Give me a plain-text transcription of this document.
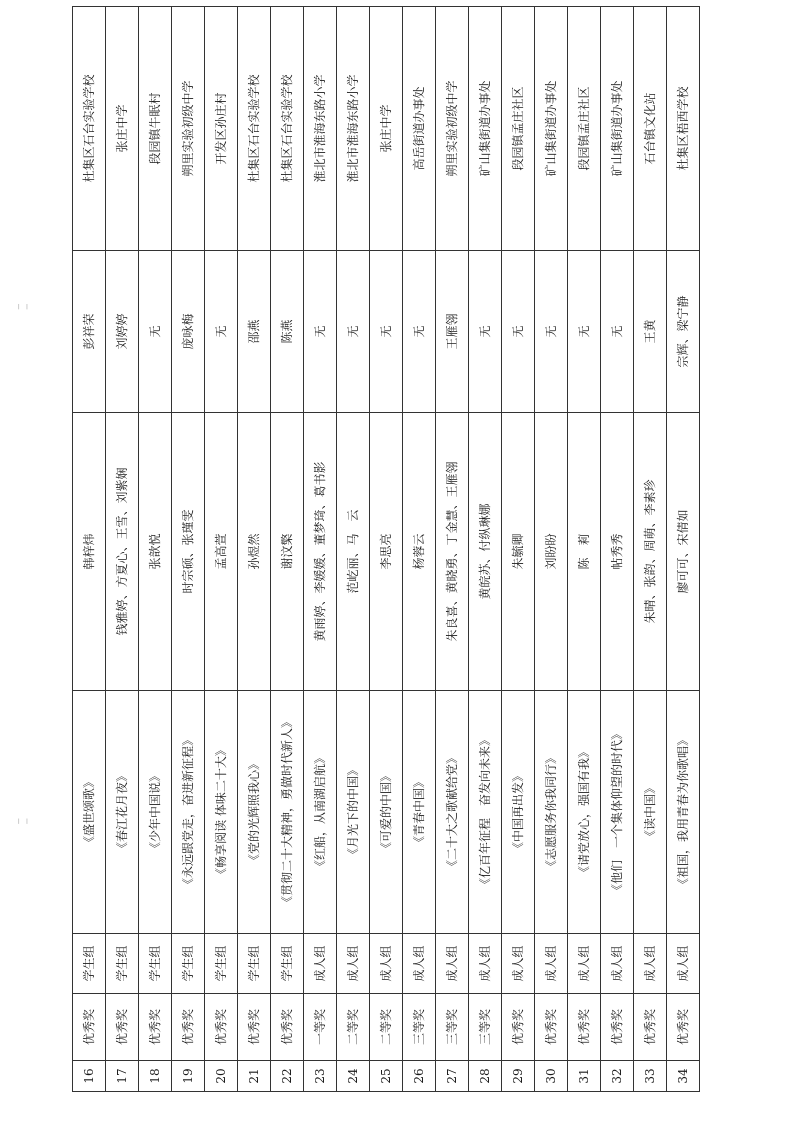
╷ ╷
╵ ╵
16	优秀奖	学生组	《盛世颂歌》	韩梓炜	彭祥荣	杜集区石台实验学校
17	优秀奖	学生组	《春江花月夜》	钱雅婷、方夏心、王雪、刘紫娴	刘婷婷	张庄中学
18	优秀奖	学生组	《少年中国说》	张歆悦	无	段园镇牛眠村
19	优秀奖	学生组	《永远跟党走，奋进新征程》	时宗硕、张瑾雯	庞咏梅	朔里实验初级中学
20	优秀奖	学生组	《畅享阅读 体味二十大》	孟高萱	无	开发区孙庄村
21	优秀奖	学生组	《党的光辉照我心》	孙煜然	邵燕	杜集区石台实验学校
22	优秀奖	学生组	《贯彻二十大精神，勇做时代新人》	谢汶檠	陈燕	杜集区石台实验学校
23	一等奖	成人组	《红船，从南湖启航》	黄雨婷、李媛媛、董梦琦、葛书影	无	淮北市淮海东路小学
24	二等奖	成人组	《月光下的中国》	范屹丽、马　云	无	淮北市淮海东路小学
25	二等奖	成人组	《可爱的中国》	李思亮	无	张庄中学
26	三等奖	成人组	《青春中国》	杨蓉云	无	高岳街道办事处
27	三等奖	成人组	《二十大之歌献给党》	朱良喜、黄晓勇、丁金慧、王雁翎	王雁翎	朔里实验初级中学
28	三等奖	成人组	《亿百年征程　奋发向未来》	黄皖苏、付纵琳娜	无	矿山集街道办事处
29	优秀奖	成人组	《中国再出发》	朱毓卿	无	段园镇孟庄社区
30	优秀奖	成人组	《志愿服务你我同行》	刘盼盼	无	矿山集街道办事处
31	优秀奖	成人组	《请党放心，强国有我》	陈　莉	无	段园镇孟庄社区
32	优秀奖	成人组	《他们　一个集体仰望的时代》	帖秀秀	无	矿山集街道办事处
33	优秀奖	成人组	《读中国》	朱晴、张韵、周萌、李素珍	王黄	石台镇文化站
34	优秀奖	成人组	《祖国，我用青春为你歌唱》	廖可可、宋倩如	宗辉、梁宁静	杜集区梧西学校
